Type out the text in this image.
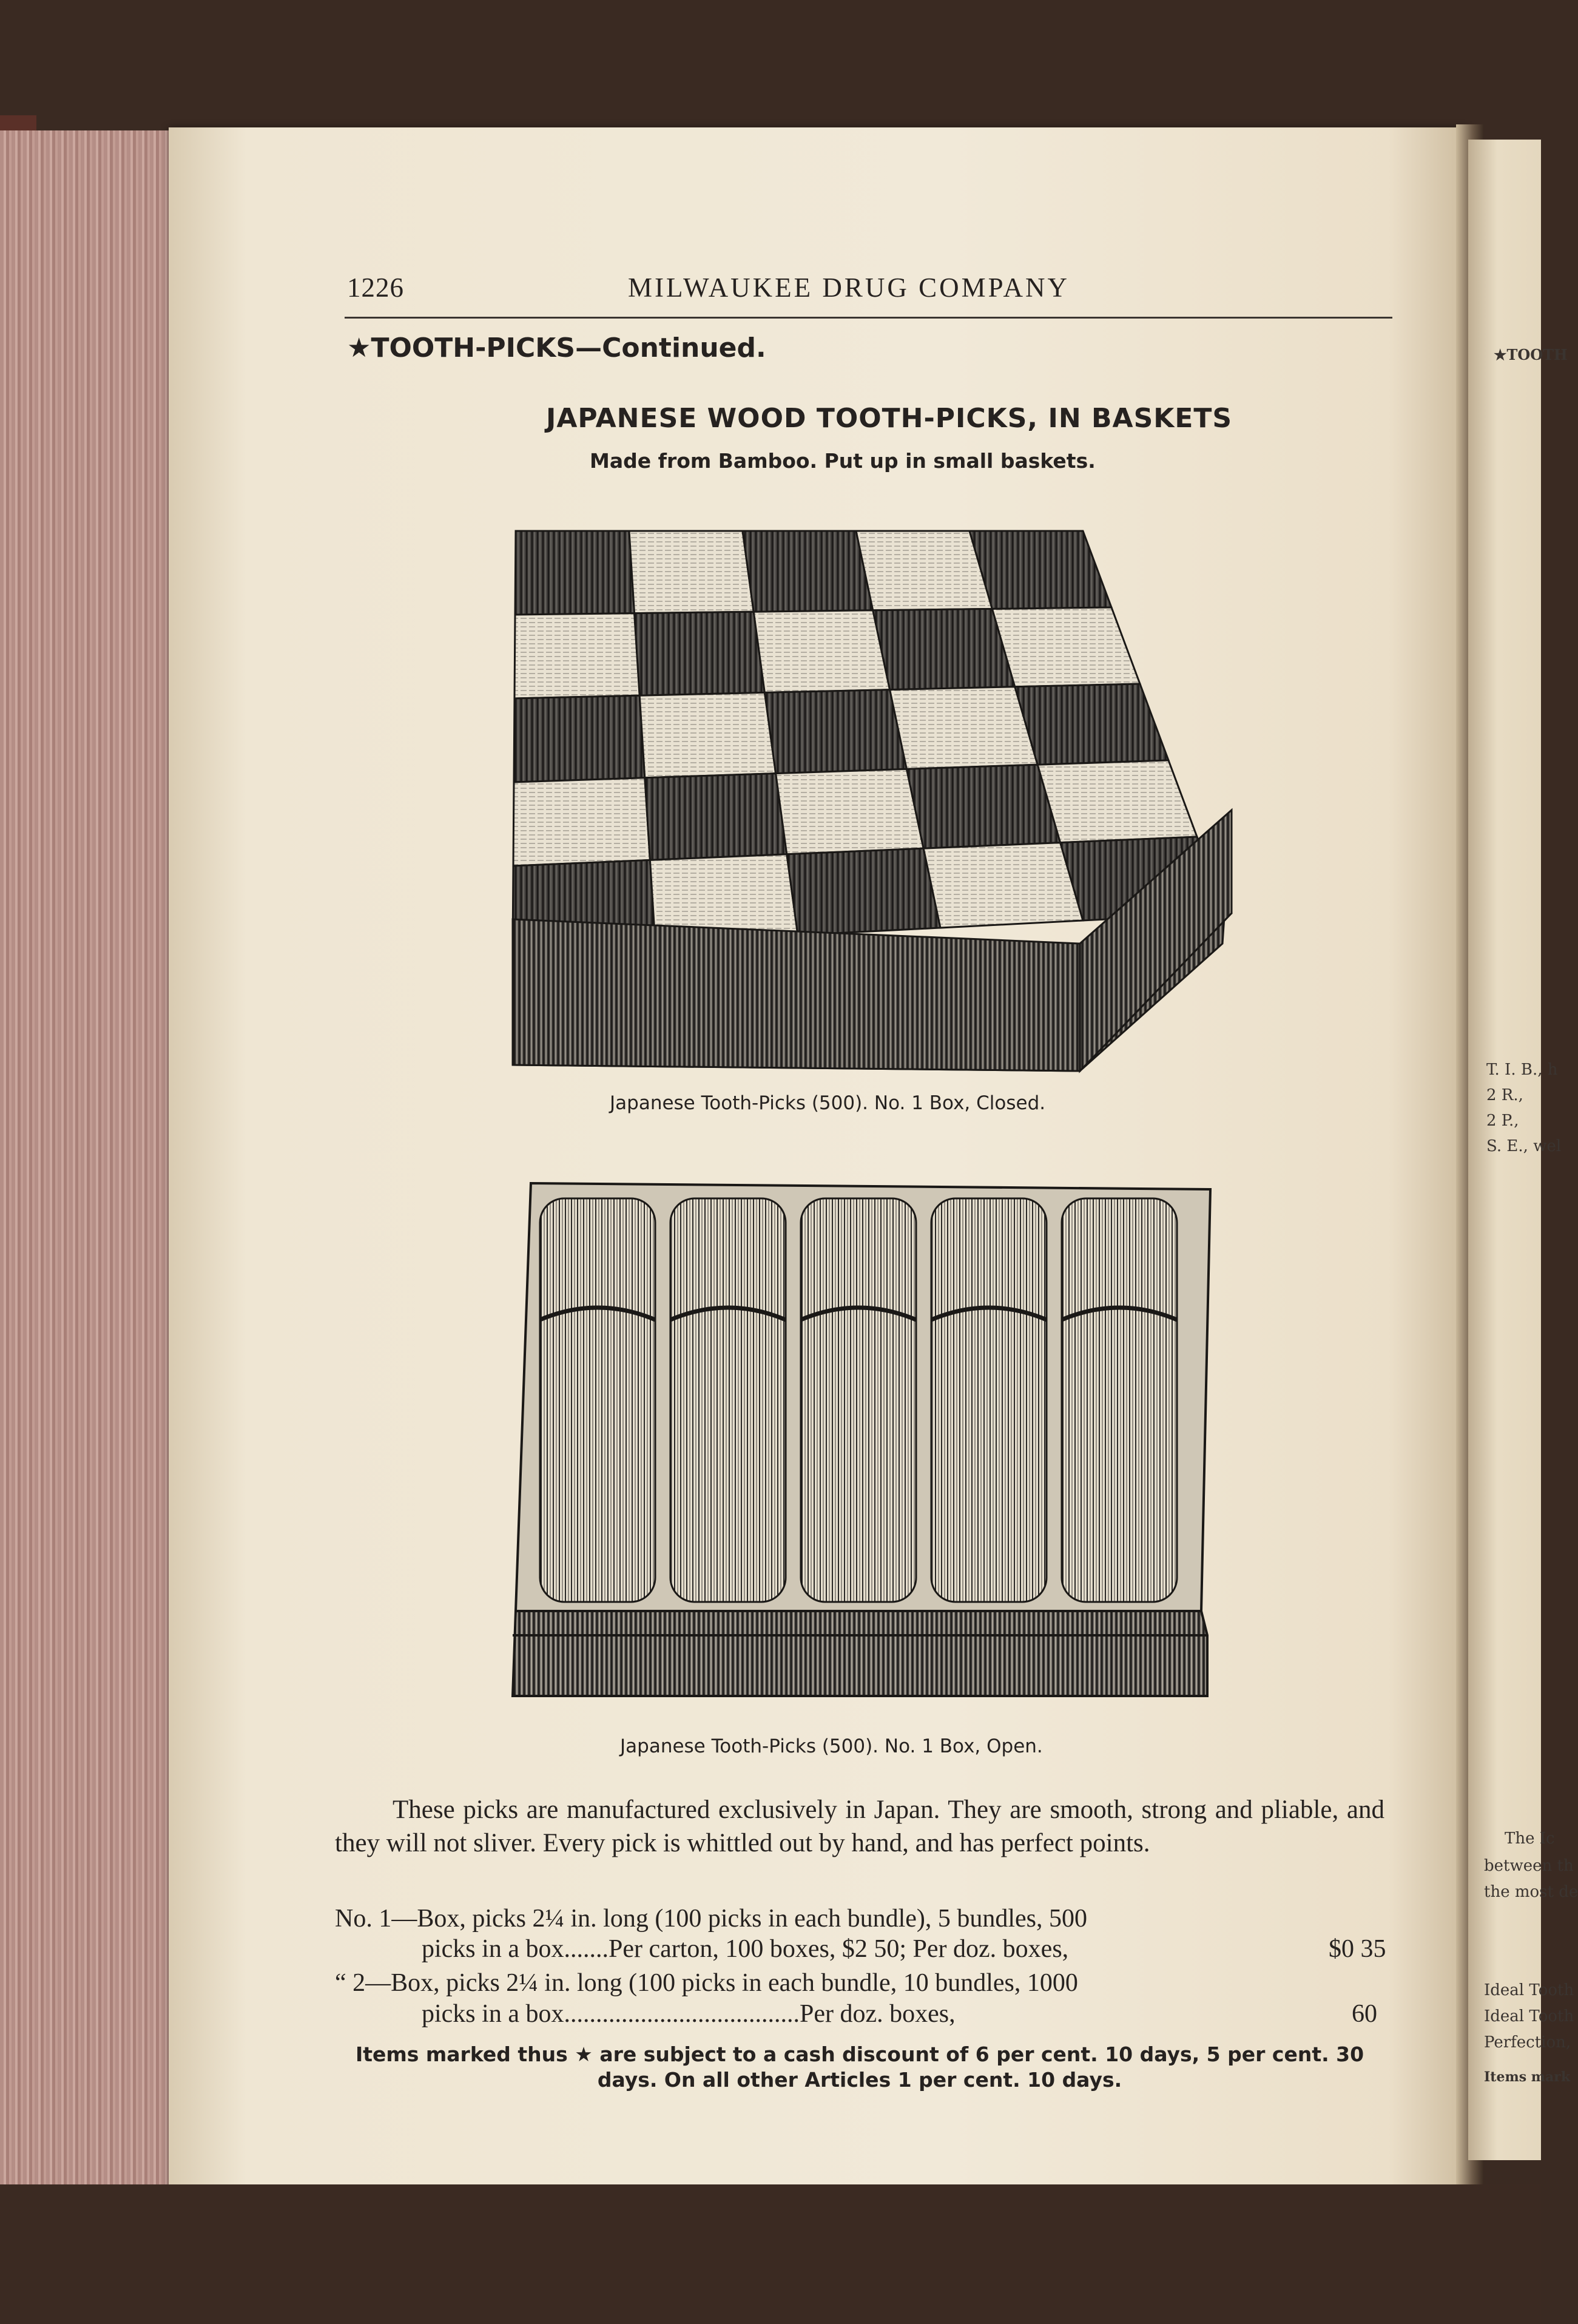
★TOOTH
T. I. B., h
2 R.,
2 P.,
S. E., wel
The Ic
between th
the most de
Ideal Tooth
Ideal Tooth
Perfection,
Items mark
1226	MILWAUKEE DRUG COMPANY
★TOOTH-PICKS—Continued.
JAPANESE WOOD TOOTH-PICKS, IN BASKETS
Made from Bamboo. Put up in small baskets.
Japanese Tooth-Picks (500). No. 1 Box, Closed.
Japanese Tooth-Picks (500). No. 1 Box, Open.
These picks are manufactured exclusively in Japan. They are smooth, strong and pliable, and they will not sliver. Every pick is whittled out by hand, and has perfect points.
No. 1—Box, picks 2¼ in. long (100 picks in each bundle), 5 bundles, 500
picks in a box.......Per carton, 100 boxes, $2 50; Per doz. boxes,	$0 35
“ 2—Box, picks 2¼ in. long (100 picks in each bundle, 10 bundles, 1000
picks in a box.....................................Per doz. boxes,	60
Items marked thus ★ are subject to a cash discount of 6 per cent. 10 days, 5 per cent. 30 days. On all other Articles 1 per cent. 10 days.
